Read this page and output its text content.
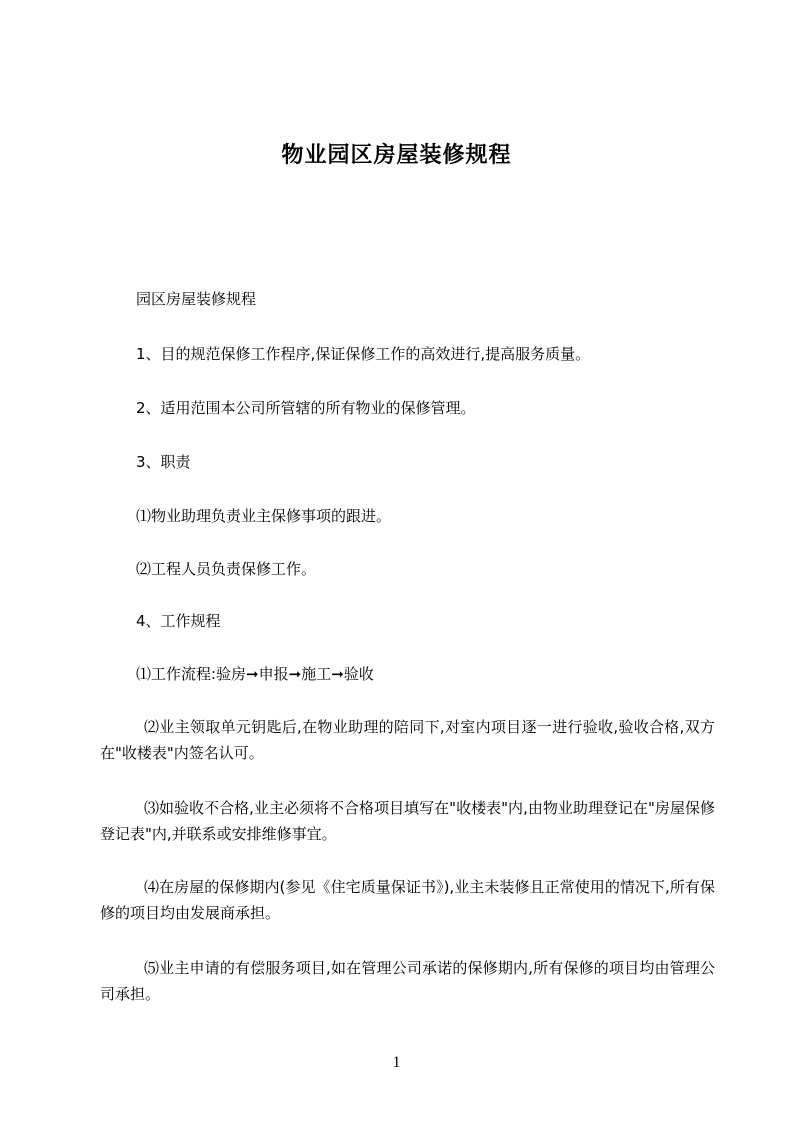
物业园区房屋装修规程

园区房屋装修规程

1、目的规范保修工作程序,保证保修工作的高效进行,提高服务质量。

2、适用范围本公司所管辖的所有物业的保修管理。

3、职责

⑴物业助理负责业主保修事项的跟进。

⑵工程人员负责保修工作。

4、工作规程

⑴工作流程:验房➞申报➞施工➞验收

⑵业主领取单元钥匙后,在物业助理的陪同下,对室内项目逐一进行验收,验收合格,双方在"收楼表"内签名认可。

⑶如验收不合格,业主必须将不合格项目填写在"收楼表"内,由物业助理登记在"房屋保修登记表"内,并联系或安排维修事宜。

⑷在房屋的保修期内(参见《住宅质量保证书》),业主未装修且正常使用的情况下,所有保修的项目均由发展商承担。

⑸业主申请的有偿服务项目,如在管理公司承诺的保修期内,所有保修的项目均由管理公司承担。

1
